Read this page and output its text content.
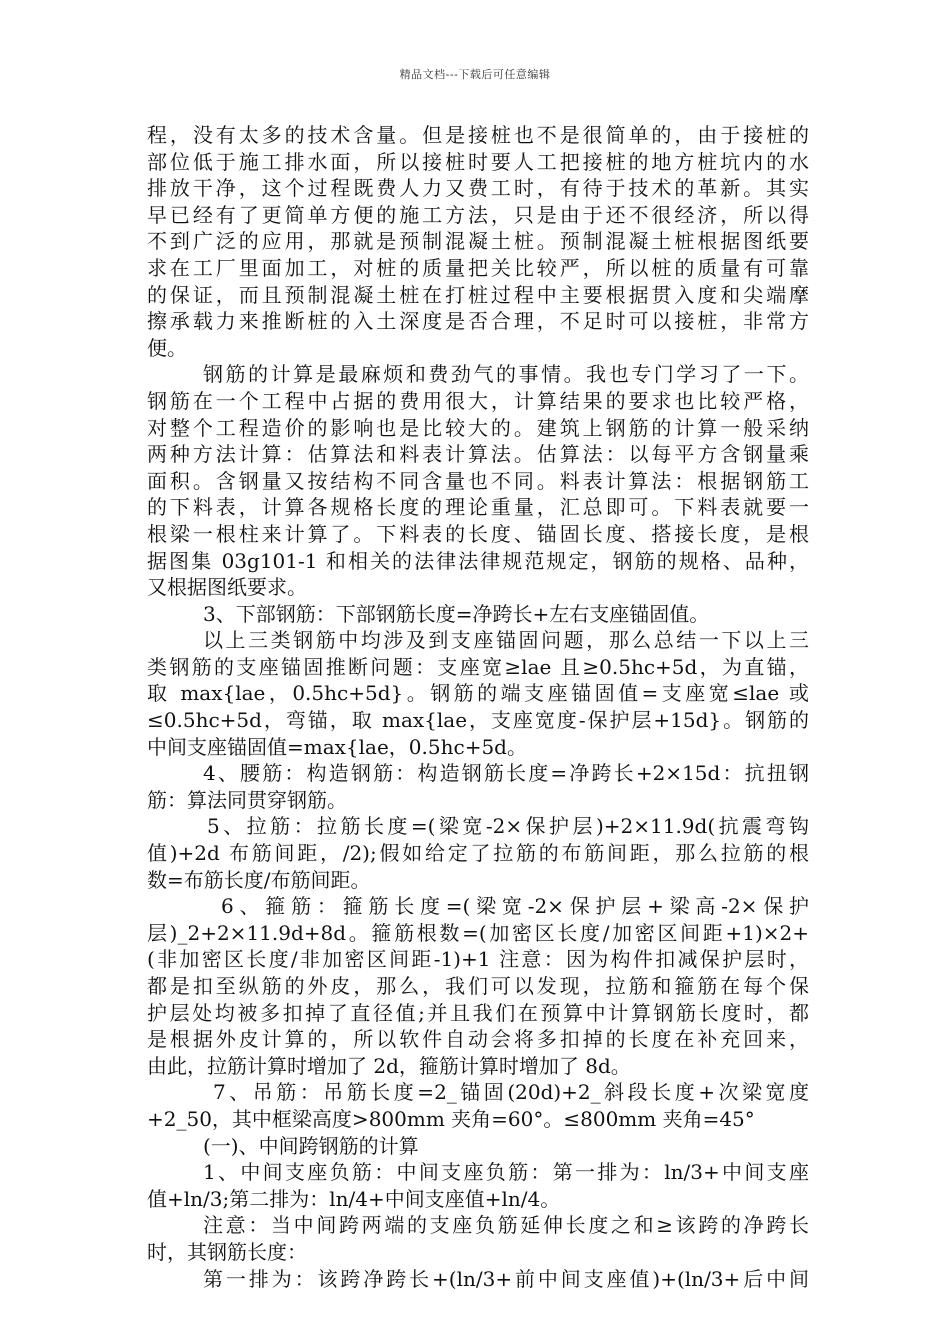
精品文档---下载后可任意编辑
程，没有太多的技术含量。但是接桩也不是很简单的，由于接桩的
部位低于施工排水面，所以接桩时要人工把接桩的地方桩坑内的水
排放干净，这个过程既费人力又费工时，有待于技术的革新。其实
早已经有了更简单方便的施工方法，只是由于还不很经济，所以得
不到广泛的应用，那就是预制混凝土桩。预制混凝土桩根据图纸要
求在工厂里面加工，对桩的质量把关比较严，所以桩的质量有可靠
的保证，而且预制混凝土桩在打桩过程中主要根据贯入度和尖端摩
擦承载力来推断桩的入土深度是否合理，不足时可以接桩，非常方
便。
钢筋的计算是最麻烦和费劲气的事情。我也专门学习了一下。
钢筋在一个工程中占据的费用很大，计算结果的要求也比较严格，
对整个工程造价的影响也是比较大的。建筑上钢筋的计算一般采纳
两种方法计算：估算法和料表计算法。估算法：以每平方含钢量乘
面积。含钢量又按结构不同含量也不同。料表计算法：根据钢筋工
的下料表，计算各规格长度的理论重量，汇总即可。下料表就要一
根梁一根柱来计算了。下料表的长度、锚固长度、搭接长度，是根
据图集 03g101-1 和相关的法律法律规范规定，钢筋的规格、品种，
又根据图纸要求。
3、下部钢筋：下部钢筋长度=净跨长+左右支座锚固值。
以上三类钢筋中均涉及到支座锚固问题，那么总结一下以上三
类钢筋的支座锚固推断问题：支座宽≥lae 且≥0.5hc+5d，为直锚，
取 max{lae，0.5hc+5d}。钢筋的端支座锚固值=支座宽≤lae 或
≤0.5hc+5d，弯锚，取 max{lae，支座宽度-保护层+15d}。钢筋的
中间支座锚固值=max{lae，0.5hc+5d。
4、腰筋：构造钢筋：构造钢筋长度=净跨长+2×15d：抗扭钢
筋：算法同贯穿钢筋。
5、拉筋：拉筋长度=(梁宽-2×保护层)+2×11.9d(抗震弯钩
值)+2d 布筋间距，/2);假如给定了拉筋的布筋间距，那么拉筋的根
数=布筋长度/布筋间距。
6、箍筋：箍筋长度=(梁宽-2×保护层+梁高-2×保护
层)_2+2×11.9d+8d。箍筋根数=(加密区长度/加密区间距+1)×2+
(非加密区长度/非加密区间距-1)+1 注意：因为构件扣减保护层时，
都是扣至纵筋的外皮，那么，我们可以发现，拉筋和箍筋在每个保
护层处均被多扣掉了直径值;并且我们在预算中计算钢筋长度时，都
是根据外皮计算的，所以软件自动会将多扣掉的长度在补充回来，
由此，拉筋计算时增加了 2d，箍筋计算时增加了 8d。
7、吊筋：吊筋长度=2_锚固(20d)+2_斜段长度+次梁宽度
+2_50，其中框梁高度>800mm 夹角=60°。≤800mm 夹角=45°
(一)、中间跨钢筋的计算
1、中间支座负筋：中间支座负筋：第一排为：ln/3+中间支座
值+ln/3;第二排为：ln/4+中间支座值+ln/4。
注意：当中间跨两端的支座负筋延伸长度之和≥该跨的净跨长
时，其钢筋长度：
第一排为：该跨净跨长+(ln/3+前中间支座值)+(ln/3+后中间
